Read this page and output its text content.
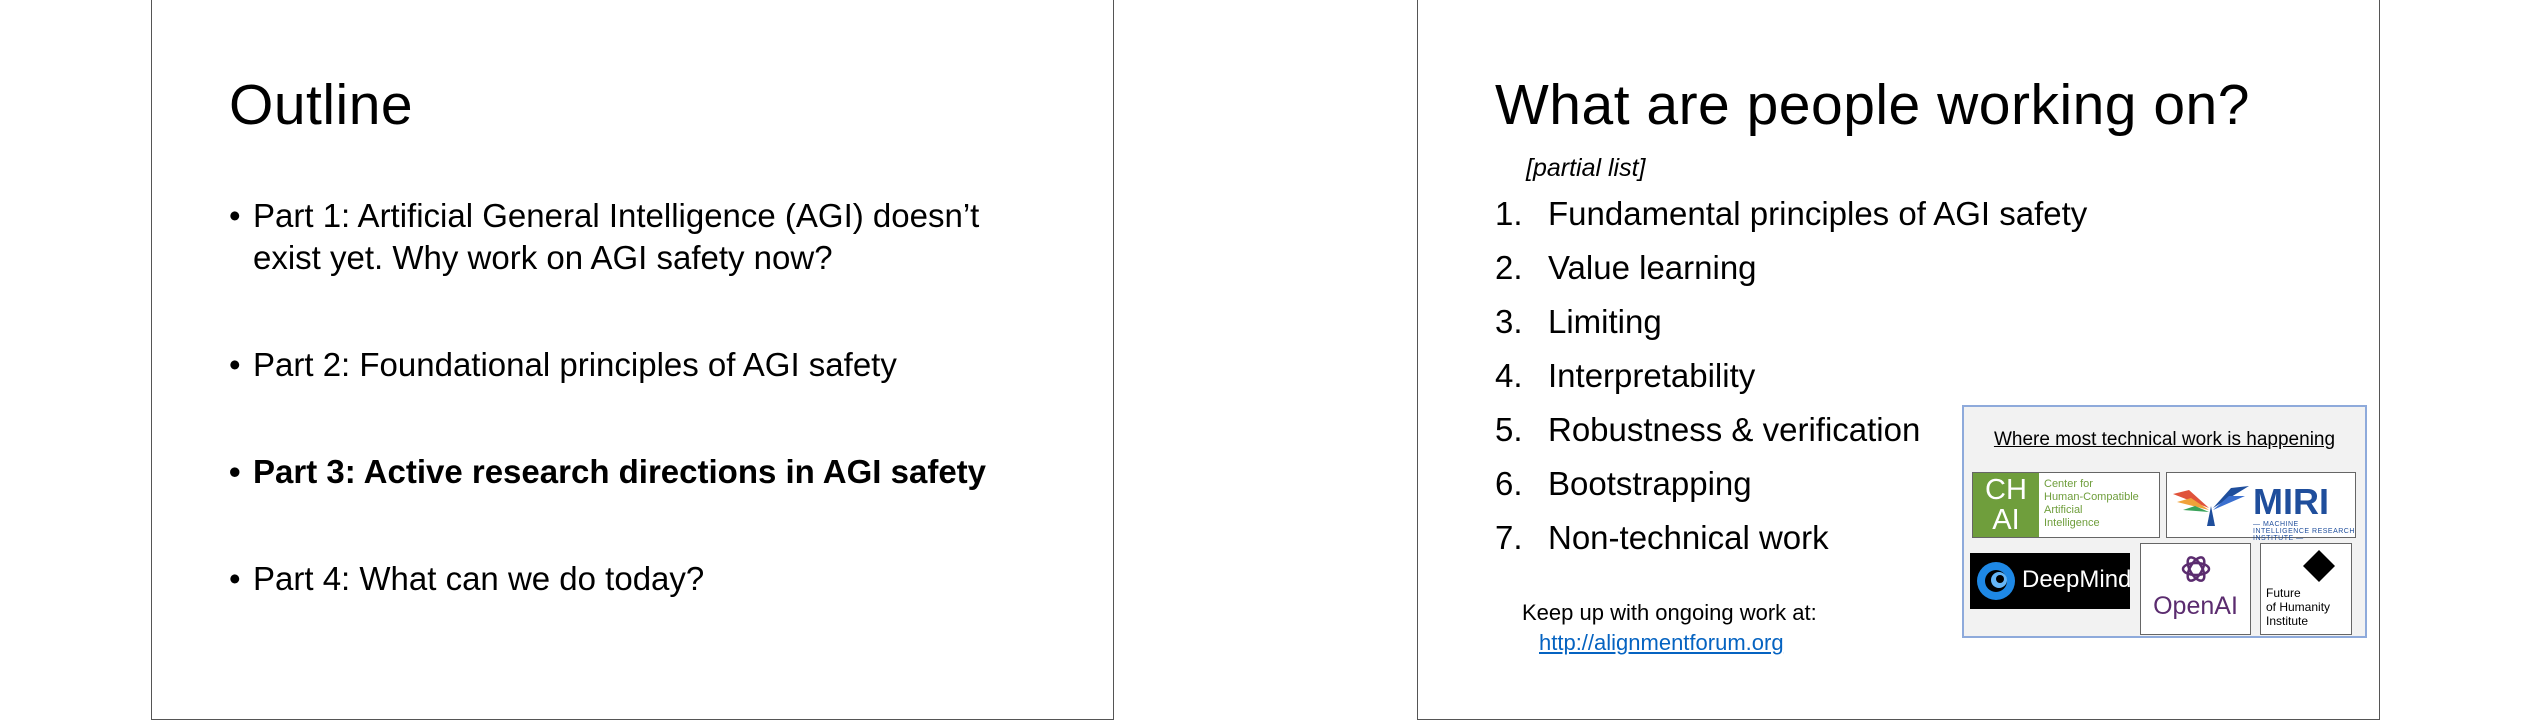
Outline
• Part 1: Artificial General Intelligence (AGI) doesn’t exist yet. Why work on AGI safety now?
• Part 2: Foundational principles of AGI safety
• Part 3: Active research directions in AGI safety
• Part 4: What can we do today?
What are people working on?
[partial list]
1. Fundamental principles of AGI safety
2. Value learning
3. Limiting
4. Interpretability
5. Robustness & verification
6. Bootstrapping
7. Non-technical work
Keep up with ongoing work at:
http://alignmentforum.org
Where most technical work is happening
CH AI
Center for
Human-Compatible
Artificial
Intelligence
MIRI
— MACHINE INTELLIGENCE RESEARCH INSTITUTE —
DeepMind
OpenAI	Future
of Humanity
Institute
